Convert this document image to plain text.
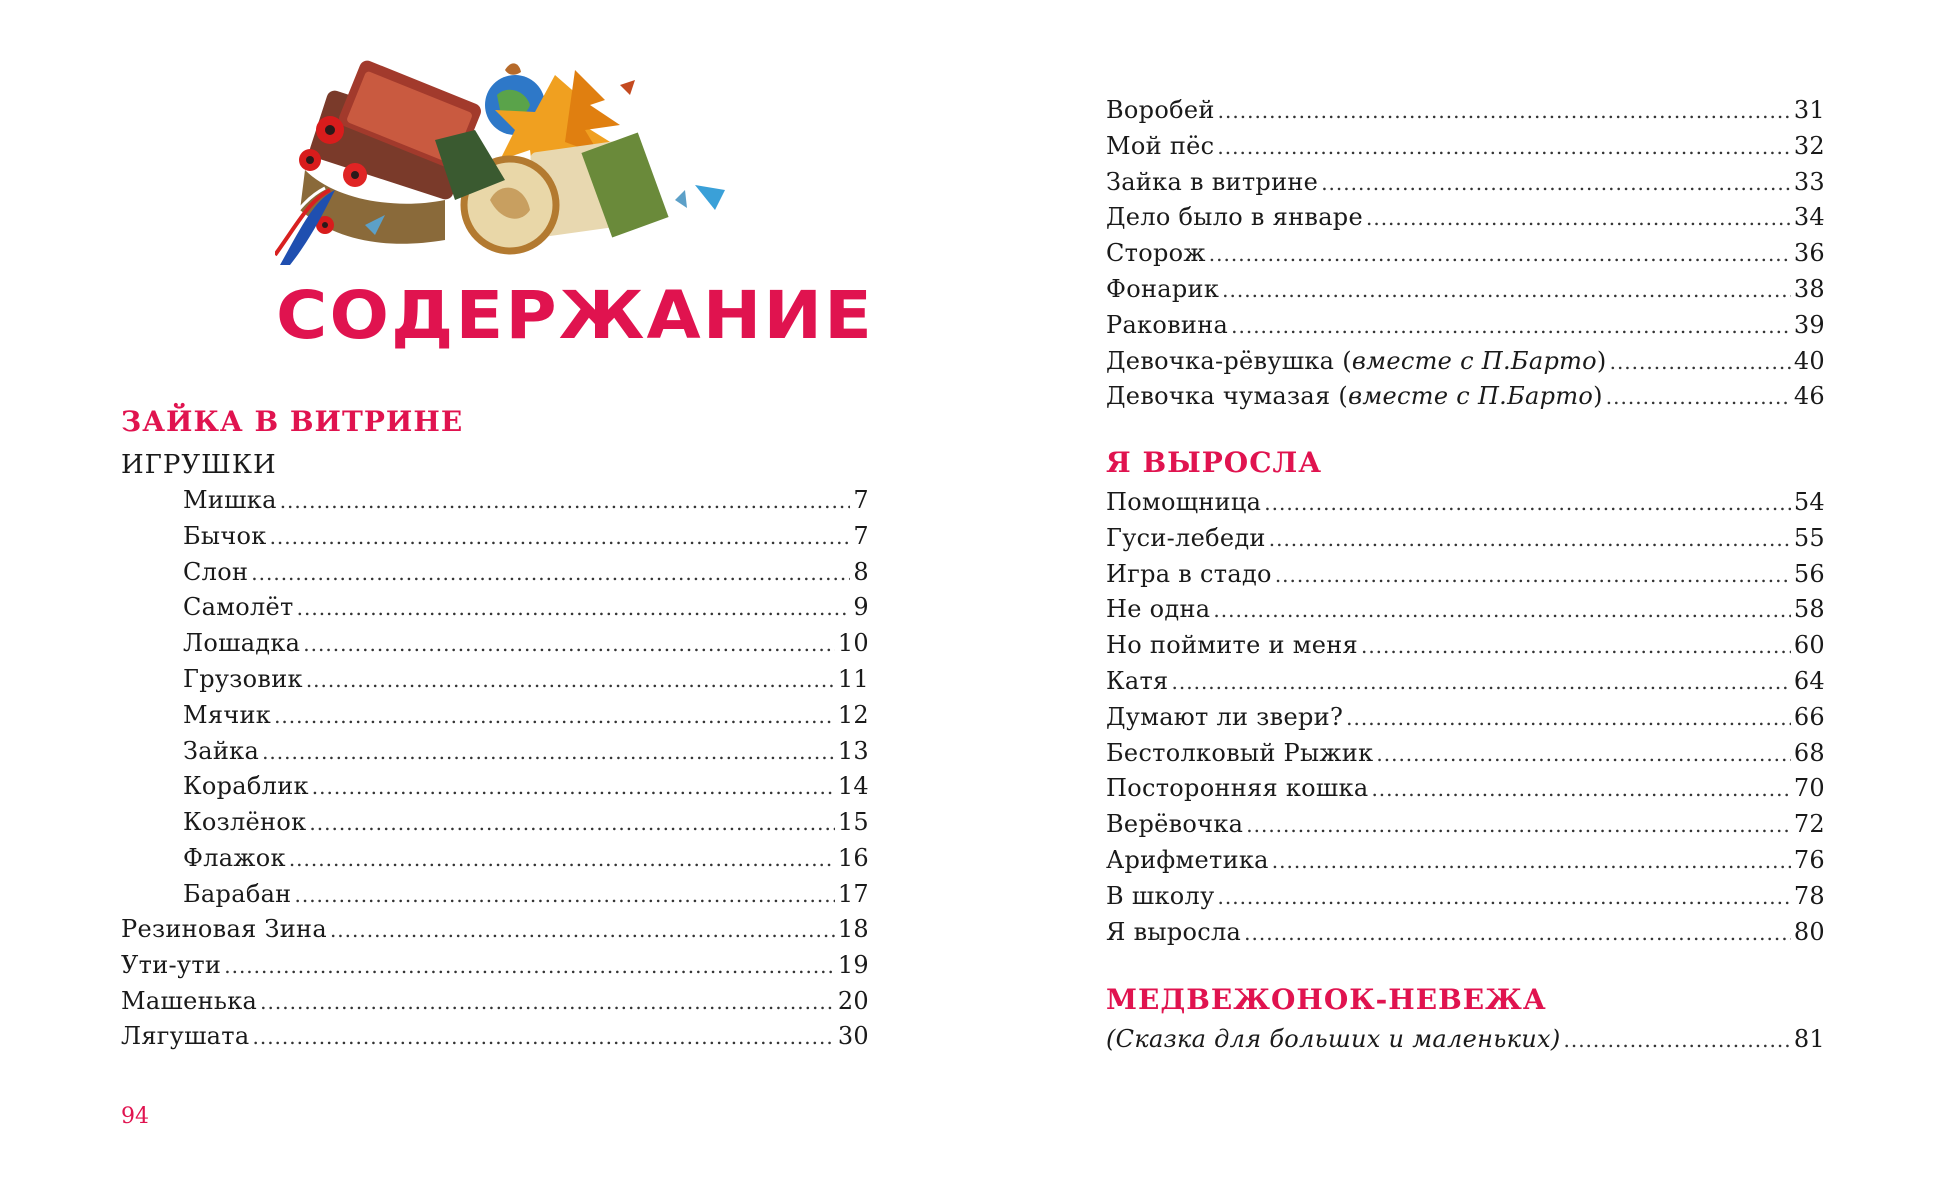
СОДЕРЖАНИЕ
ЗАЙКА В ВИТРИНЕ
ИГРУШКИ
Мишка .....	7
Бычок .....	7
Слон .....	8
Самолёт .....	9
Лошадка .....	10
Грузовик .....	11
Мячик .....	12
Зайка .....	13
Кораблик .....	14
Козлёнок .....	15
Флажок .....	16
Барабан .....	17
Резиновая Зина .....	18
Ути-ути .....	19
Машенька .....	20
Лягушата .....	30
94
Воробей .....	31
Мой пёс .....	32
Зайка в витрине .....	33
Дело было в январе .....	34
Сторож .....	36
Фонарик .....	38
Раковина .....	39
Девочка-рёвушка (вместе с П.Барто) .....	40
Девочка чумазая (вместе с П.Барто) .....	46
Я ВЫРОСЛА
Помощница .....	54
Гуси-лебеди .....	55
Игра в стадо .....	56
Не одна .....	58
Но поймите и меня .....	60
Катя .....	64
Думают ли звери? .....	66
Бестолковый Рыжик .....	68
Посторонняя кошка .....	70
Верёвочка .....	72
Арифметика .....	76
В школу .....	78
Я выросла .....	80
МЕДВЕЖОНОК-НЕВЕЖА
(Сказка для больших и маленьких) .....	81
